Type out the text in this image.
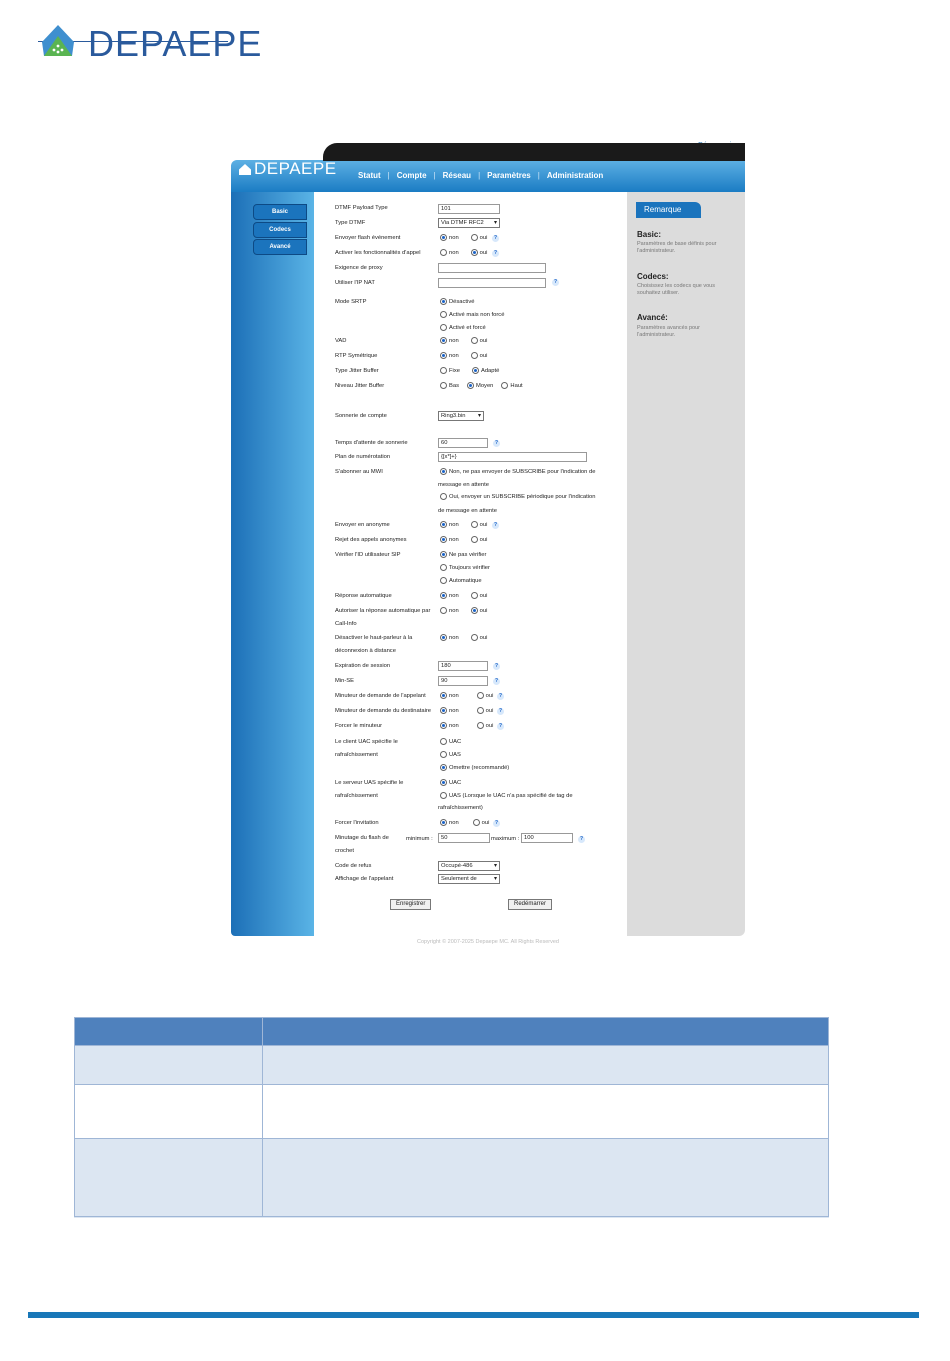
DEPAEPE
DEPAEPE	Statut | Compte | Réseau | Paramètres | Administration
Basic
Codecs
Avancé
Remarque
Basic:
Paramètres de base définis pour l'administrateur.
Codecs:
Choisissez les codecs que vous souhaitez utiliser.
Avancé:
Paramètres avancés pour l'administrateur.
DTMF Payload Type	101
Type DTMF	Via DTMF RFC2 ▾
Envoyer flash événement	non	oui	?
Activer les fonctionnalités d'appel	non	oui	?
Exigence de proxy
Utiliser l'IP NAT	?
Mode SRTP	Désactivé
Activé mais non forcé
Activé et forcé
VAD	non	oui
RTP Symétrique	non	oui
Type Jitter Buffer	Fixe	Adapté
Niveau Jitter Buffer	Bas	Moyen	Haut
Sonnerie de compte	Ring3.bin ▾
Temps d'attente de sonnerie	60	?
Plan de numérotation	{[x*]+}
S'abonner au MWI	Non, ne pas envoyer de SUBSCRIBE pour l'indication de
message en attente
Oui, envoyer un SUBSCRIBE périodique pour l'indication
de message en attente
Envoyer en anonyme	non	oui	?
Rejet des appels anonymes	non	oui
Vérifier l'ID utilisateur SIP	Ne pas vérifier
Toujours vérifier
Automatique
Réponse automatique	non	oui
Autoriser la réponse automatique par
Call-Info
non	oui
Désactiver le haut-parleur à la
déconnexion à distance
non	oui
Expiration de session	180	?
Min-SE	90	?
Minuteur de demande de l'appelant	non	oui	?
Minuteur de demande du destinataire	non	oui	?
Forcer le minuteur	non	oui	?
Le client UAC spécifie le
rafraîchissement
UAC
UAS
Omettre (recommandé)
Le serveur UAS spécifie le
rafraîchissement
UAC
UAS (Lorsque le UAC n'a pas spécifié de tag de
rafraîchissement)
Forcer l'invitation	non	oui	?
Minutage du flash de
crochet
minimum :	50	maximum : 100	?
Code de refus	Occupé-486 ▾
Affichage de l'appelant	Seulement de ▾
Enregistrer	Redémarrer
Copyright © 2007-2025 Depaepe MC. All Rights Reserved
